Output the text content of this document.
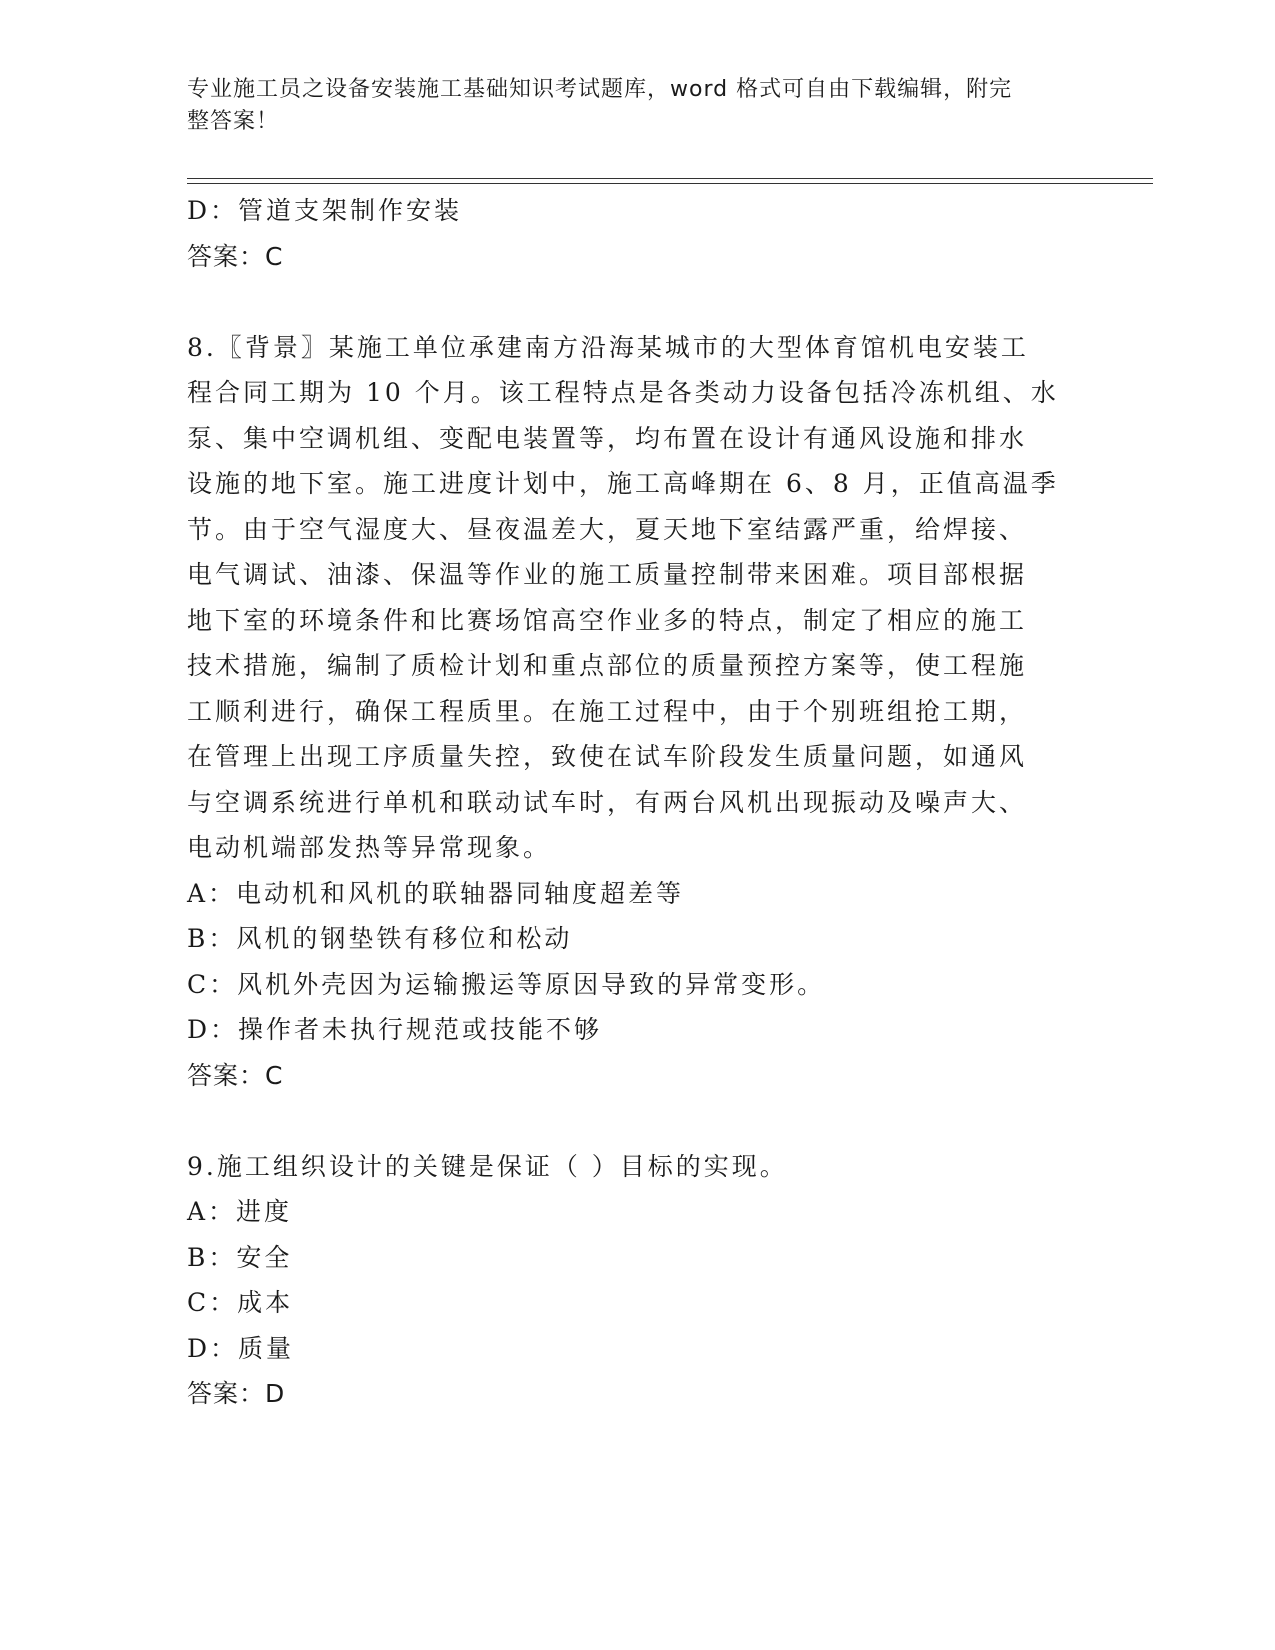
专业施工员之设备安装施工基础知识考试题库，word 格式可自由下载编辑，附完
整答案！
D：管道支架制作安装
答案：C
8.〖背景〗某施工单位承建南方沿海某城市的大型体育馆机电安装工
程合同工期为 10 个月。该工程特点是各类动力设备包括冷冻机组、水
泵、集中空调机组、变配电装置等，均布置在设计有通风设施和排水
设施的地下室。施工进度计划中，施工高峰期在 6、8 月，正值高温季
节。由于空气湿度大、昼夜温差大，夏天地下室结露严重，给焊接、
电气调试、油漆、保温等作业的施工质量控制带来困难。项目部根据
地下室的环境条件和比赛场馆高空作业多的特点，制定了相应的施工
技术措施，编制了质检计划和重点部位的质量预控方案等，使工程施
工顺利进行，确保工程质里。在施工过程中，由于个别班组抢工期，
在管理上出现工序质量失控，致使在试车阶段发生质量问题，如通风
与空调系统进行单机和联动试车时，有两台风机出现振动及噪声大、
电动机端部发热等异常现象。
A：电动机和风机的联轴器同轴度超差等
B：风机的钢垫铁有移位和松动
C：风机外壳因为运输搬运等原因导致的异常变形。
D：操作者未执行规范或技能不够
答案：C
9.施工组织设计的关键是保证（ ）目标的实现。
A：进度
B：安全
C：成本
D：质量
答案：D
